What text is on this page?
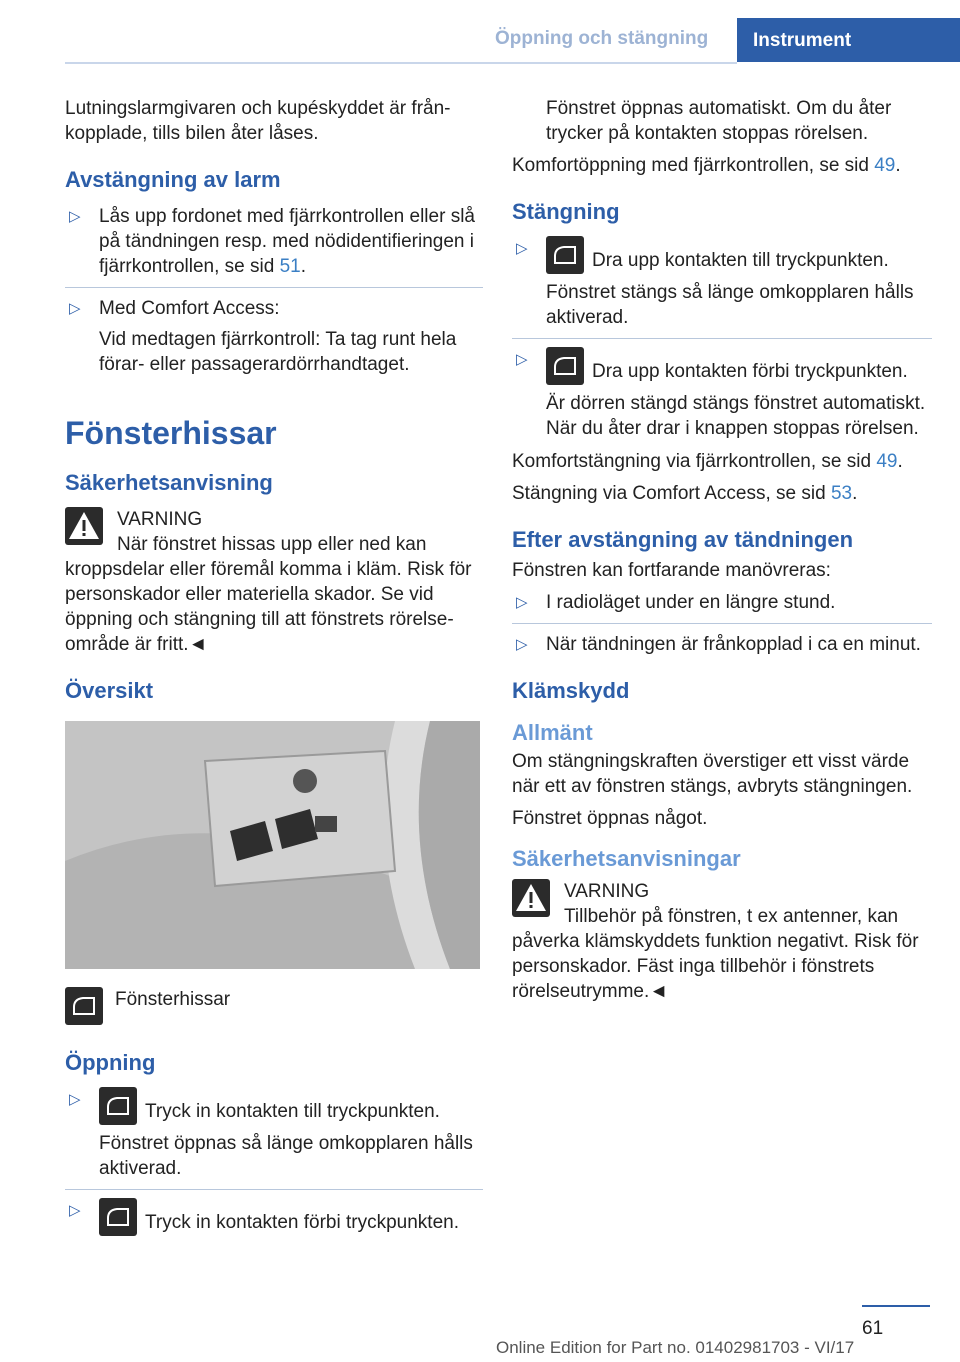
Öppning och stängning	Instrument

Lutningslarmgivaren och kupéskyddet är frånkopplade, tills bilen åter låses.

Avstängning av larm
▷ Lås upp fordonet med fjärrkontrollen eller slå på tändningen resp. med nödidentifieringen i fjärrkontrollen, se sid 51.

▷ Med Comfort Access:

Vid medtagen fjärrkontroll: Ta tag runt hela förar- eller passagerardörrhandtaget.

Fönsterhissar
Säkerhetsanvisning

VARNING

När fönstret hissas upp eller ned kan

kroppsdelar eller föremål komma i kläm. Risk för personskador eller materiella skador. Se vid öppning och stängning till att fönstrets rörelseområde är fritt.◄

Översikt
Fönsterhissar
Öppning
▷

Tryck in kontakten till tryckpunkten.

Fönstret öppnas så länge omkopplaren hålls aktiverad.

▷

Tryck in kontakten förbi tryckpunkten.

Fönstret öppnas automatiskt. Om du åter trycker på kontakten stoppas rörelsen.

Komfortöppning med fjärrkontrollen, se sid 49.

Stängning
▷

Dra upp kontakten till tryckpunkten.

Fönstret stängs så länge omkopplaren hålls aktiverad.

▷

Dra upp kontakten förbi tryckpunkten.

Är dörren stängd stängs fönstret automatiskt. När du åter drar i knappen stoppas rörelsen.

Komfortstängning via fjärrkontrollen, se sid 49.

Stängning via Comfort Access, se sid 53.

Efter avstängning av tändningen

Fönstren kan fortfarande manövreras:

▷ I radioläget under en längre stund.

▷ När tändningen är frånkopplad i ca en minut.

Klämskydd
Allmänt

Om stängningskraften överstiger ett visst värde när ett av fönstren stängs, avbryts stängningen.

Fönstret öppnas något.

Säkerhetsanvisningar

VARNING

Tillbehör på fönstren, t ex antenner, kan

påverka klämskyddets funktion negativt. Risk för personskador. Fäst inga tillbehör i fönstrets rörelseutrymme.◄

61
Online Edition for Part no. 01402981703 - VI/17
